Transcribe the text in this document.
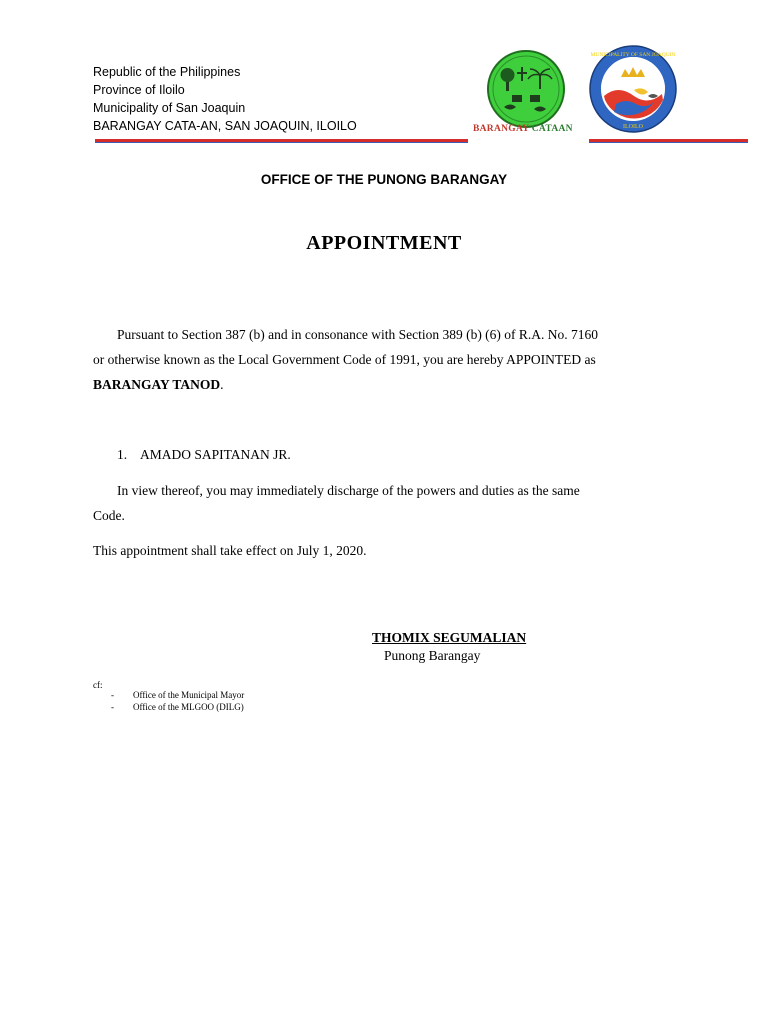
Republic of the Philippines
Province of Iloilo
Municipality of San Joaquin
BARANGAY CATA-AN, SAN JOAQUIN, ILOILO	BARANGAY CATAAN
MUNICIPALITY OF SAN JOAQUIN
ILOILO
OFFICE OF THE PUNONG BARANGAY
APPOINTMENT
Pursuant to Section 387 (b) and in consonance with Section 389 (b) (6) of R.A. No. 7160
or otherwise known as the Local Government Code of 1991, you are hereby APPOINTED as
BARANGAY TANOD.
1. AMADO SAPITANAN JR.
In view thereof, you may immediately discharge of the powers and duties as the same
Code.
This appointment shall take effect on July 1, 2020.
THOMIX SEGUMALIAN
Punong Barangay
cf:
- Office of the Municipal Mayor
- Office of the MLGOO (DILG)
